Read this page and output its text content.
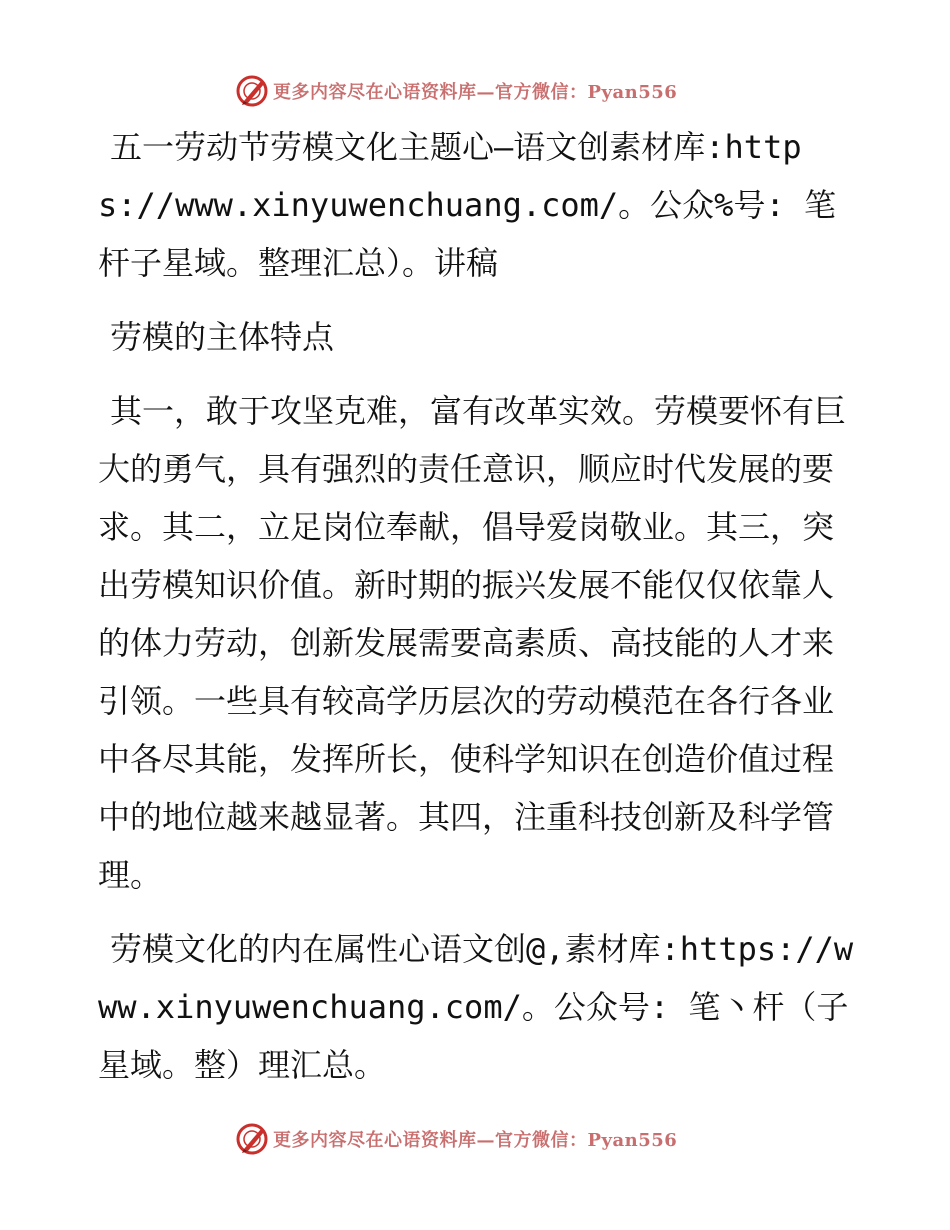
更多内容尽在心语资料库—官方微信：Pyan556

五一劳动节劳模文化主题心—语文创素材库:https://www.xinyuwenchuang.com/。公众%号: 笔杆子星域。整理汇总）。讲稿

劳模的主体特点

其一，敢于攻坚克难，富有改革实效。劳模要怀有巨大的勇气，具有强烈的责任意识，顺应时代发展的要求。其二，立足岗位奉献，倡导爱岗敬业。其三，突出劳模知识价值。新时期的振兴发展不能仅仅依靠人的体力劳动，创新发展需要高素质、高技能的人才来引领。一些具有较高学历层次的劳动模范在各行各业中各尽其能，发挥所长，使科学知识在创造价值过程中的地位越来越显著。其四，注重科技创新及科学管理。

劳模文化的内在属性心语文创@,素材库:https://www.xinyuwenchuang.com/。公众号: 笔丶杆（子星域。整）理汇总。

更多内容尽在心语资料库—官方微信：Pyan556
